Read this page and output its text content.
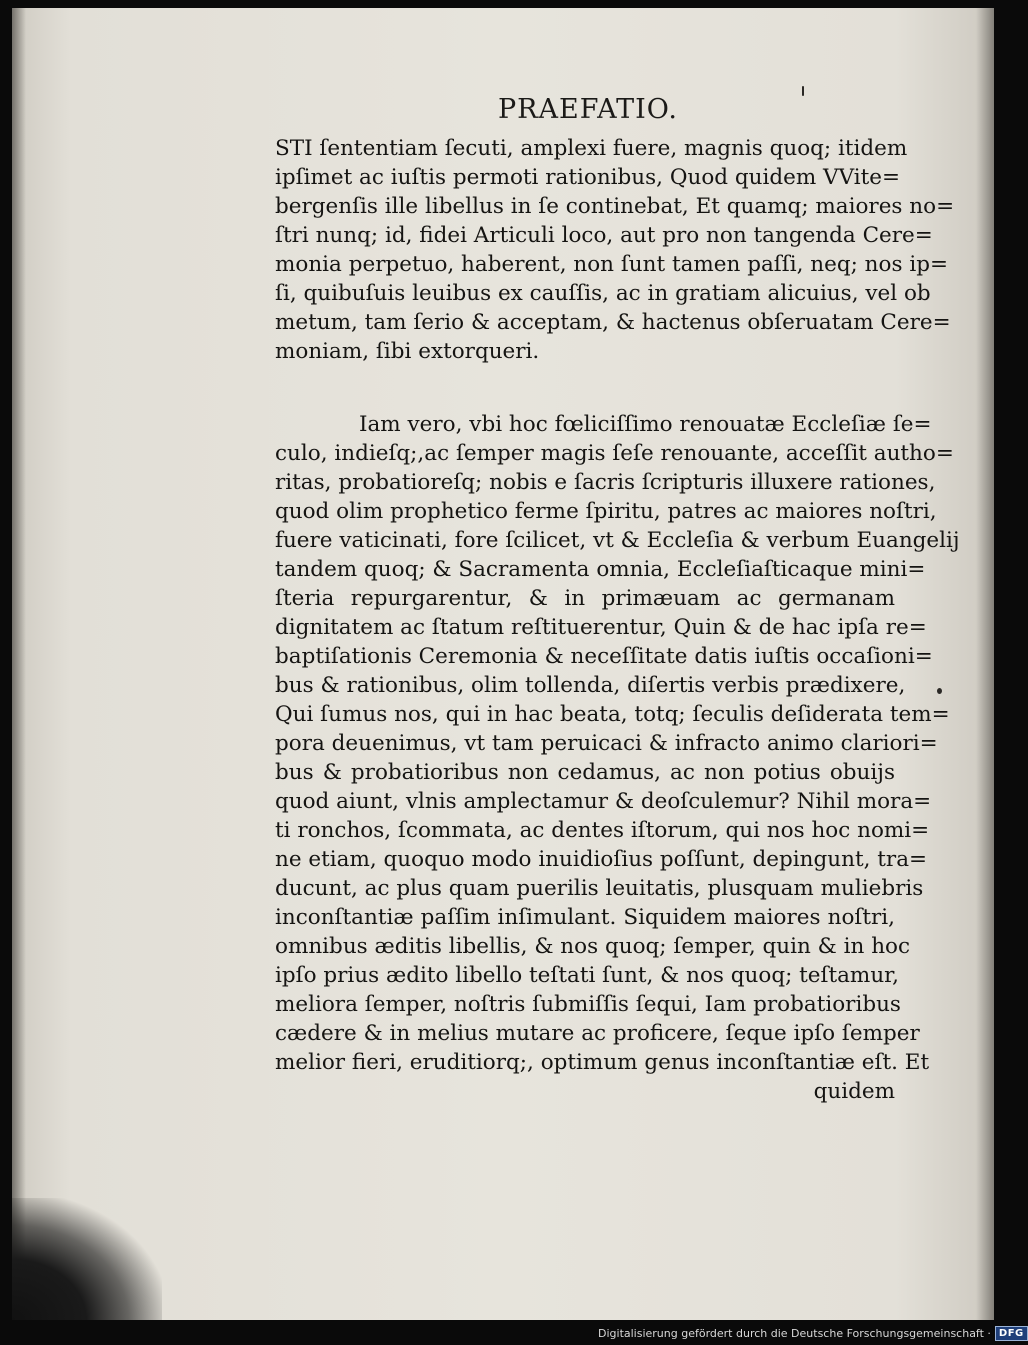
PRAEFATIO.
STI ſententiam ſecuti, amplexi fuere, magnis quoq; itidem
ipſimet ac iuſtis permoti rationibus, Quod quidem VVite=
bergenſis ille libellus in ſe continebat, Et quamq; maiores no=
ſtri nunq; id, fidei Articuli loco, aut pro non tangenda Cere=
monia perpetuo, haberent, non ſunt tamen paſſi, neq; nos ip=
ſi, quibuſuis leuibus ex cauſſis, ac in gratiam alicuius, vel ob
metum, tam ſerio & acceptam, & hactenus obſeruatam Cere=
moniam, ſibi extorqueri.
Iam vero, vbi hoc fœliciſſimo renouatæ Eccleſiæ ſe=
culo, indieſq;,ac ſemper magis ſeſe renouante, acceſſit autho=
ritas, probatioreſq; nobis e ſacris ſcripturis illuxere rationes,
quod olim prophetico ferme ſpiritu, patres ac maiores noſtri,
fuere vaticinati, fore ſcilicet, vt & Eccleſia & verbum Euangelij
tandem quoq; & Sacramenta omnia, Eccleſiaſticaque mini=
ſteria repurgarentur, & in primæuam ac germanam
dignitatem ac ſtatum reſtituerentur, Quin & de hac ipſa re=
baptiſationis Ceremonia & neceſſitate datis iuſtis occaſioni=
bus & rationibus, olim tollenda, diſertis verbis prædixere,
Qui ſumus nos, qui in hac beata, totq; ſeculis deſiderata tem=
pora deuenimus, vt tam peruicaci & infracto animo clariori=
bus & probatioribus non cedamus, ac non potius obuijs
quod aiunt, vlnis amplectamur & deoſculemur? Nihil mora=
ti ronchos, ſcommata, ac dentes iſtorum, qui nos hoc nomi=
ne etiam, quoquo modo inuidioſius poſſunt, depingunt, tra=
ducunt, ac plus quam puerilis leuitatis, plusquam muliebris
inconſtantiæ paſſim inſimulant. Siquidem maiores noſtri,
omnibus æditis libellis, & nos quoq; ſemper, quin & in hoc
ipſo prius ædito libello teſtati ſunt, & nos quoq; teſtamur,
meliora ſemper, noſtris ſubmiſſis ſequi, Iam probatioribus
cædere & in melius mutare ac proficere, ſeque ipſo ſemper
melior fieri, eruditiorq;, optimum genus inconſtantiæ eſt. Et
quidem
Digitalisierung gefördert durch die Deutsche Forschungsgemeinschaft · DFG
